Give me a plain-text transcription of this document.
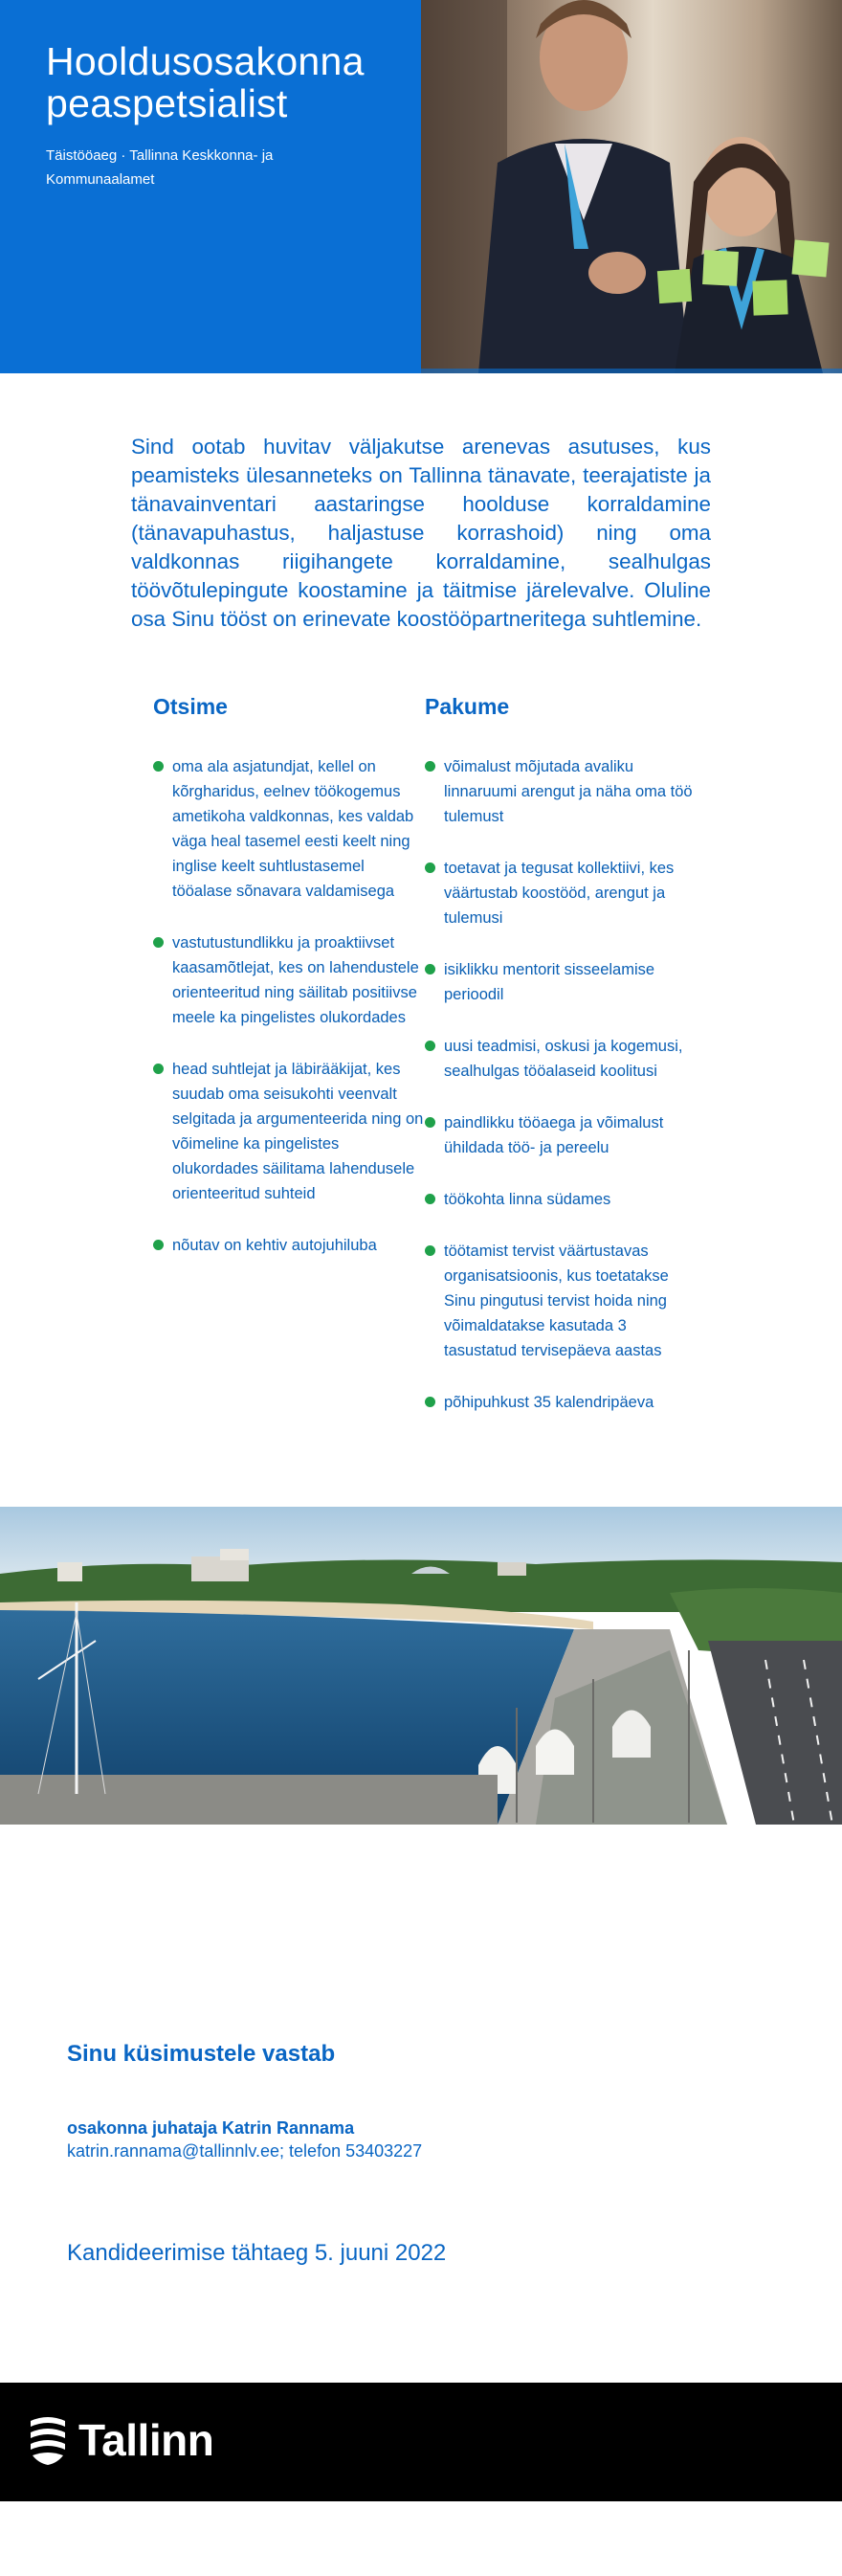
Hooldusosakonna peaspetsialist

Täistööaeg · Tallinna Keskkonna- ja Kommunaalamet

Sind ootab huvitav väljakutse arenevas asutuses, kus peamisteks ülesanneteks on Tallinna tänavate, teerajatiste ja tänavainventari aastaringse hoolduse korraldamine (tänavapuhastus, haljastuse korrashoid) ning oma valdkonnas riigihangete korraldamine, sealhulgas töövõtulepingute koostamine ja täitmise järelevalve. Oluline osa Sinu tööst on erinevate koostööpartneritega suhtlemine.

Otsime
oma ala asjatundjat, kellel on kõrgharidus, eelnev töökogemus ametikoha valdkonnas, kes valdab väga heal tasemel eesti keelt ning inglise keelt suhtlustasemel tööalase sõnavara valdamisega
vastutustundlikku ja proaktiivset kaasamõtlejat, kes on lahendustele orienteeritud ning säilitab positiivse meele ka pingelistes olukordades
head suhtlejat ja läbirääkijat, kes suudab oma seisukohti veenvalt selgitada ja argumenteerida ning on võimeline ka pingelistes olukordades säilitama lahendusele orienteeritud suhteid
nõutav on kehtiv autojuhiluba
Pakume
võimalust mõjutada avaliku linnaruumi arengut ja näha oma töö tulemust
toetavat ja tegusat kollektiivi, kes väärtustab koostööd, arengut ja tulemusi
isiklikku mentorit sisseelamise perioodil
uusi teadmisi, oskusi ja kogemusi, sealhulgas tööalaseid koolitusi
paindlikku tööaega ja võimalust ühildada töö- ja pereelu
töökohta linna südames
töötamist tervist väärtustavas organisatsioonis, kus toetatakse Sinu pingutusi tervist hoida ning võimaldatakse kasutada 3 tasustatud tervisepäeva aastas
põhipuhkust 35 kalendripäeva
Sinu küsimustele vastab

osakonna juhataja Katrin Rannama

katrin.rannama@tallinnlv.ee; telefon 53403227

Kandideerimise tähtaeg 5. juuni 2022

Tallinn
